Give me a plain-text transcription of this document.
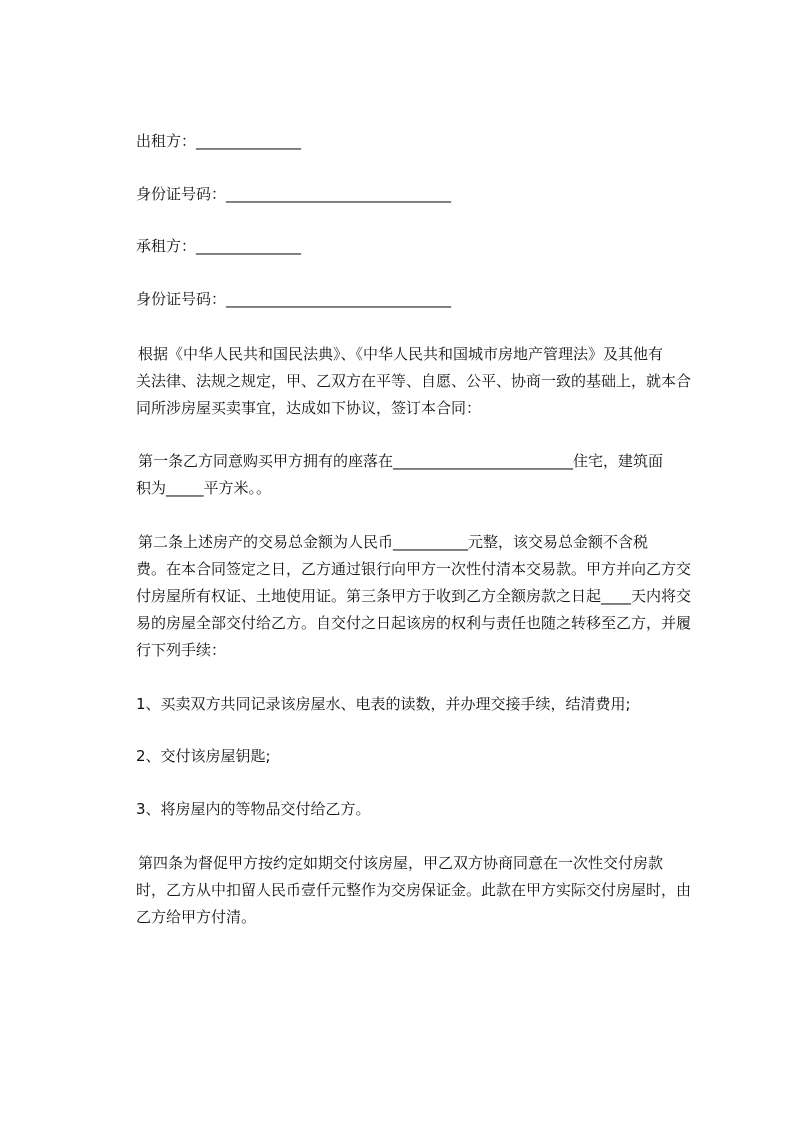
出租方：______________
身份证号码：______________________________
承租方：______________
身份证号码：______________________________
根据《中华人民共和国民法典》、《中华人民共和国城市房地产管理法》及其他有
关法律、法规之规定，甲、乙双方在平等、自愿、公平、协商一致的基础上，就本合
同所涉房屋买卖事宜，达成如下协议，签订本合同：
第一条乙方同意购买甲方拥有的座落在________________________住宅，建筑面
积为_____平方米。。
第二条上述房产的交易总金额为人民币__________元整，该交易总金额不含税
费。在本合同签定之日，乙方通过银行向甲方一次性付清本交易款。甲方并向乙方交
付房屋所有权证、土地使用证。第三条甲方于收到乙方全额房款之日起____天内将交
易的房屋全部交付给乙方。自交付之日起该房的权利与责任也随之转移至乙方，并履
行下列手续：
1、买卖双方共同记录该房屋水、电表的读数，并办理交接手续，结清费用;
2、交付该房屋钥匙;
3、将房屋内的等物品交付给乙方。
第四条为督促甲方按约定如期交付该房屋，甲乙双方协商同意在一次性交付房款
时，乙方从中扣留人民币壹仟元整作为交房保证金。此款在甲方实际交付房屋时，由
乙方给甲方付清。
